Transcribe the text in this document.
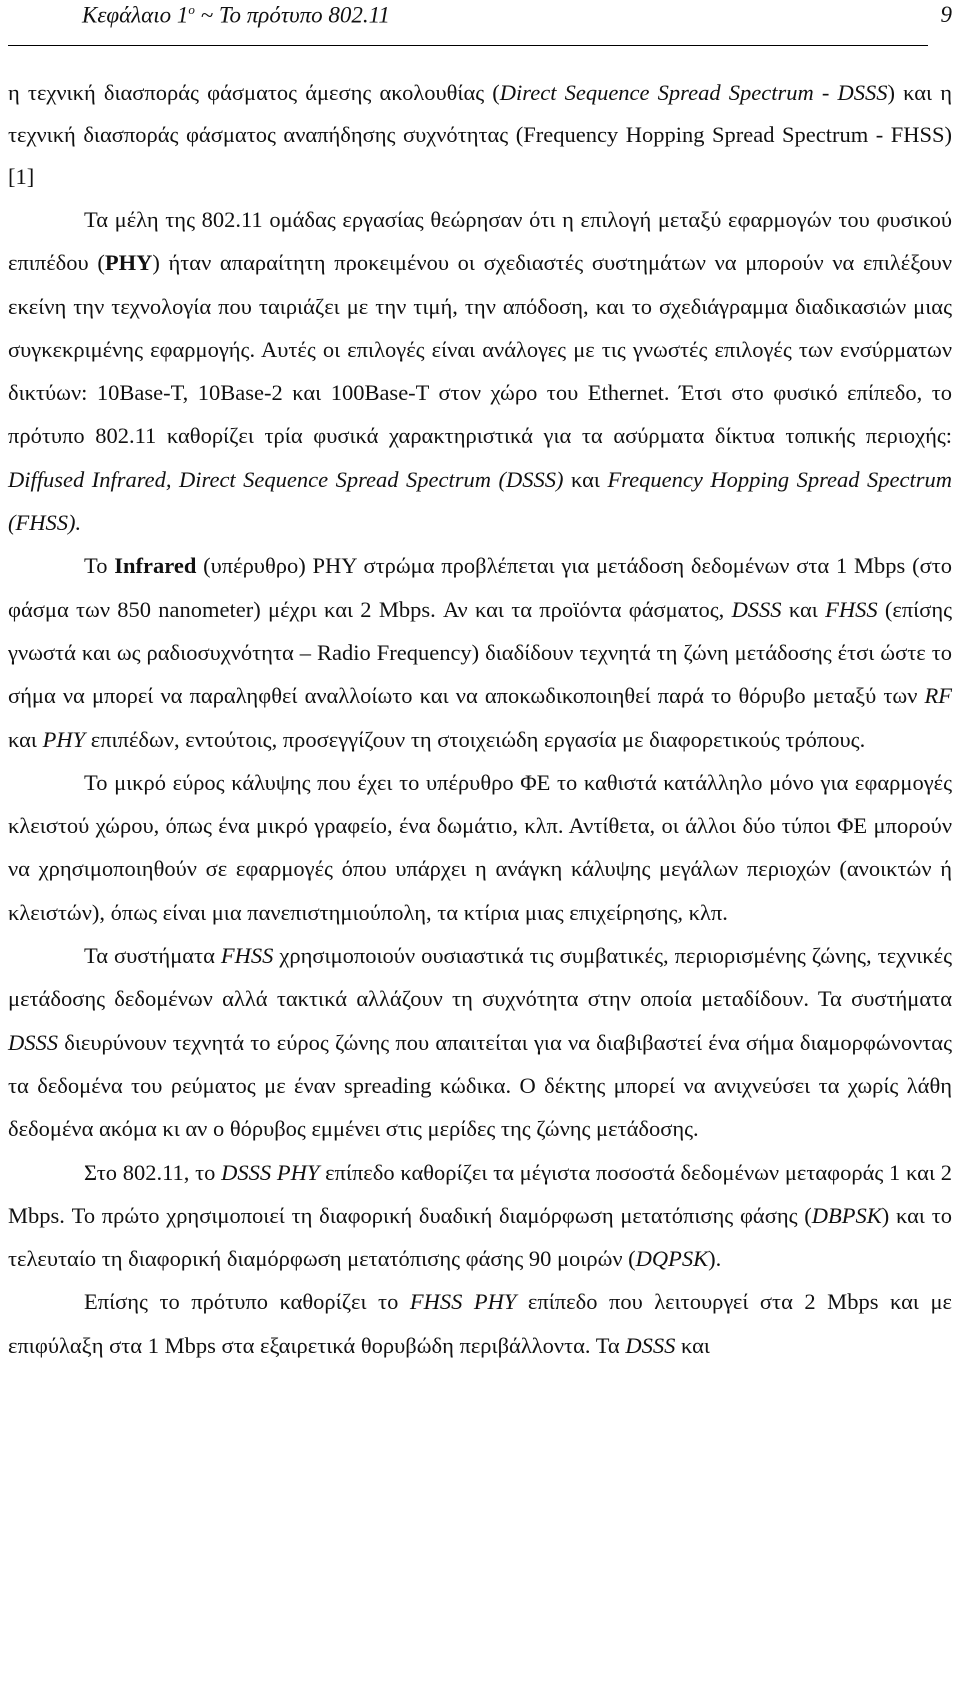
Κεφάλαιο $1^o$ ~ Το πρότυπο 802.11	9

η τεχνική διασποράς φάσματος άμεσης ακολουθίας (Direct Sequence Spread Spectrum - DSSS) και η τεχνική διασποράς φάσματος αναπήδησης συχνότητας (Frequency Hopping Spread Spectrum - FHSS) [1]

Τα μέλη της 802.11 ομάδας εργασίας θεώρησαν ότι η επιλογή μεταξύ εφαρμογών του φυσικού επιπέδου (PHY) ήταν απαραίτητη προκειμένου οι σχεδιαστές συστημάτων να μπορούν να επιλέξουν εκείνη την τεχνολογία που ταιριάζει με την τιμή, την απόδοση, και το σχεδιάγραμμα διαδικασιών μιας συγκεκριμένης εφαρμογής. Αυτές οι επιλογές είναι ανάλογες με τις γνωστές επιλογές των ενσύρματων δικτύων: 10Base-T, 10Base-2 και 100Base-T στον χώρο του Ethernet. Έτσι στο φυσικό επίπεδο, το πρότυπο 802.11 καθορίζει τρία φυσικά χαρακτηριστικά για τα ασύρματα δίκτυα τοπικής περιοχής: Diffused Infrared, Direct Sequence Spread Spectrum (DSSS) και Frequency Hopping Spread Spectrum (FHSS).

Το Infrared (υπέρυθρο) PHY στρώμα προβλέπεται για μετάδοση δεδομένων στα 1 Mbps (στο φάσμα των 850 nanometer) μέχρι και 2 Mbps. Αν και τα προϊόντα φάσματος, DSSS και FHSS (επίσης γνωστά και ως ραδιοσυχνότητα – Radio Frequency) διαδίδουν τεχνητά τη ζώνη μετάδοσης έτσι ώστε το σήμα να μπορεί να παραληφθεί αναλλοίωτο και να αποκωδικοποιηθεί παρά το θόρυβο μεταξύ των RF και PHY επιπέδων, εντούτοις, προσεγγίζουν τη στοιχειώδη εργασία με διαφορετικούς τρόπους.

Το μικρό εύρος κάλυψης που έχει το υπέρυθρο ΦΕ το καθιστά κατάλληλο μόνο για εφαρμογές κλειστού χώρου, όπως ένα μικρό γραφείο, ένα δωμάτιο, κλπ. Αντίθετα, οι άλλοι δύο τύποι ΦΕ μπορούν να χρησιμοποιηθούν σε εφαρμογές όπου υπάρχει η ανάγκη κάλυψης μεγάλων περιοχών (ανοικτών ή κλειστών), όπως είναι μια πανεπιστημιούπολη, τα κτίρια μιας επιχείρησης, κλπ.

Τα συστήματα FHSS χρησιμοποιούν ουσιαστικά τις συμβατικές, περιορισμένης ζώνης, τεχνικές μετάδοσης δεδομένων αλλά τακτικά αλλάζουν τη συχνότητα στην οποία μεταδίδουν. Τα συστήματα DSSS διευρύνουν τεχνητά το εύρος ζώνης που απαιτείται για να διαβιβαστεί ένα σήμα διαμορφώνοντας τα δεδομένα του ρεύματος με έναν spreading κώδικα. Ο δέκτης μπορεί να ανιχνεύσει τα χωρίς λάθη δεδομένα ακόμα κι αν ο θόρυβος εμμένει στις μερίδες της ζώνης μετάδοσης.

Στο 802.11, το DSSS PHY επίπεδο καθορίζει τα μέγιστα ποσοστά δεδομένων μεταφοράς 1 και 2 Mbps. Το πρώτο χρησιμοποιεί τη διαφορική δυαδική διαμόρφωση μετατόπισης φάσης (DBPSK) και το τελευταίο τη διαφορική διαμόρφωση μετατόπισης φάσης 90 μοιρών (DQPSK).

Επίσης το πρότυπο καθορίζει το FHSS PHY επίπεδο που λειτουργεί στα 2 Mbps και με επιφύλαξη στα 1 Mbps στα εξαιρετικά θορυβώδη περιβάλλοντα. Τα DSSS και
